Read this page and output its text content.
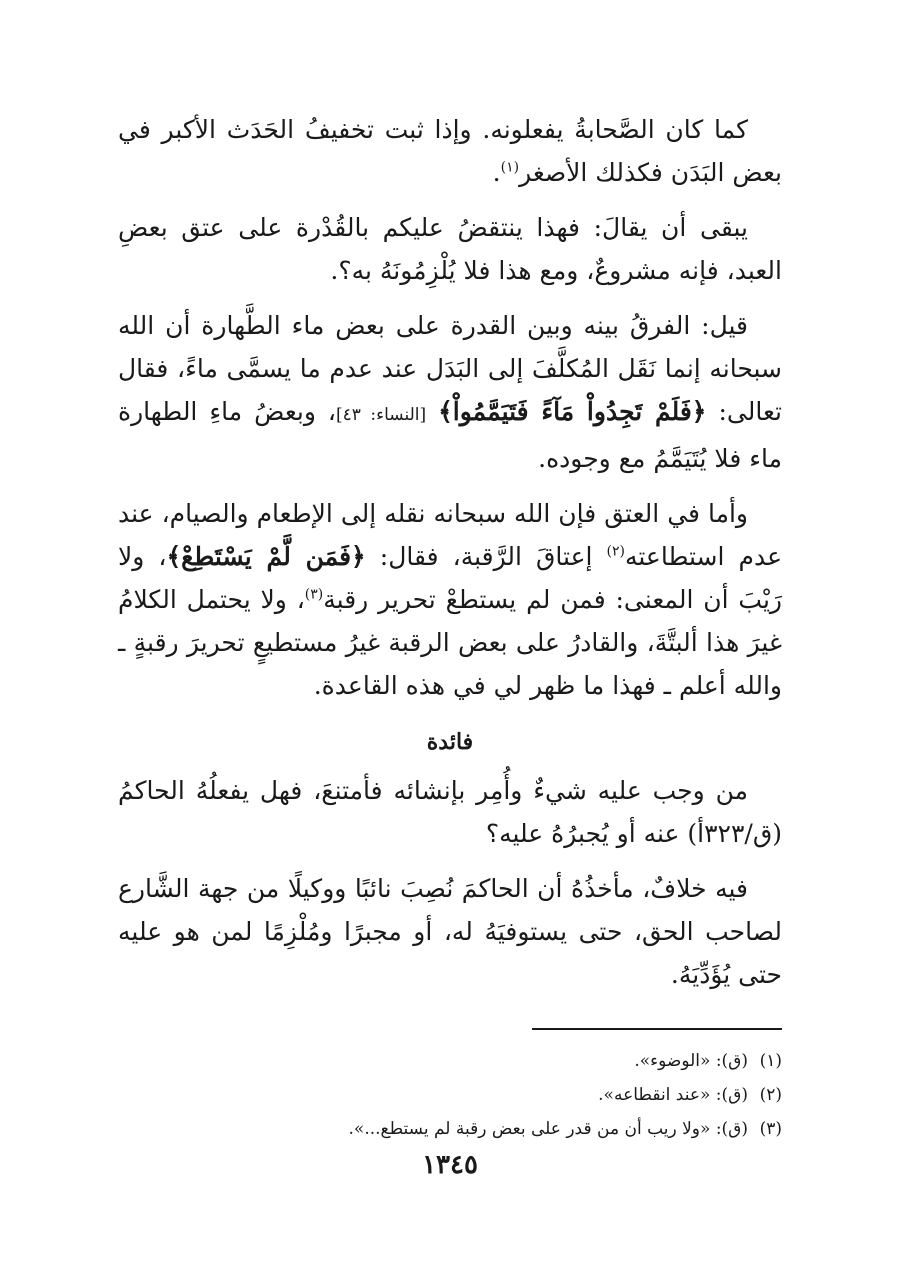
كما كان الصَّحابةُ يفعلونه. وإذا ثبت تخفيفُ الحَدَث الأكبر في بعض البَدَن فكذلك الأصغر$^{(١)}$.

يبقى أن يقالَ: فهذا ينتقضُ عليكم بالقُدْرة على عتق بعضِ العبد، فإنه مشروعٌ، ومع هذا فلا يُلْزِمُونَهُ به؟.

قيل: الفرقُ بينه وبين القدرة على بعض ماء الطَّهارة أن الله سبحانه إنما نَقَل المُكلَّفَ إلى البَدَل عند عدم ما يسمَّى ماءً، فقال تعالى: ﴿فَلَمْ تَجِدُواْ مَآءً فَتَيَمَّمُواْ﴾ [النساء: ٤٣]، وبعضُ ماءِ الطهارة ماء فلا يُتَيَمَّمُ مع وجوده.

وأما في العتق فإن الله سبحانه نقله إلى الإطعام والصيام، عند عدم استطاعته$^{(٢)}$ إعتاقَ الرَّقبة، فقال: ﴿فَمَن لَّمْ يَسْتَطِعْ﴾، ولا رَيْبَ أن المعنى: فمن لم يستطعْ تحرير رقبة$^{(٣)}$، ولا يحتمل الكلامُ غيرَ هذا ألبتَّةَ، والقادرُ على بعض الرقبة غيرُ مستطيعٍ تحريرَ رقبةٍ ـ والله أعلم ـ فهذا ما ظهر لي في هذه القاعدة.

فائدة

من وجب عليه شيءٌ وأُمِر بإنشائه فأمتنعَ، فهل يفعلُهُ الحاكمُ (ق/٣٢٣أ) عنه أو يُجبرُهُ عليه؟

فيه خلافٌ، مأخذُهُ أن الحاكمَ نُصِبَ نائبًا ووكيلًا من جهة الشَّارع لصاحب الحق، حتى يستوفيَهُ له، أو مجبرًا ومُلْزِمًا لمن هو عليه حتى يُؤَدِّيَهُ.

(١)(ق): «الوضوء».

(٢)(ق): «عند انقطاعه».

(٣)(ق): «ولا ريب أن من قدر على بعض رقبة لم يستطع...».

١٣٤٥
